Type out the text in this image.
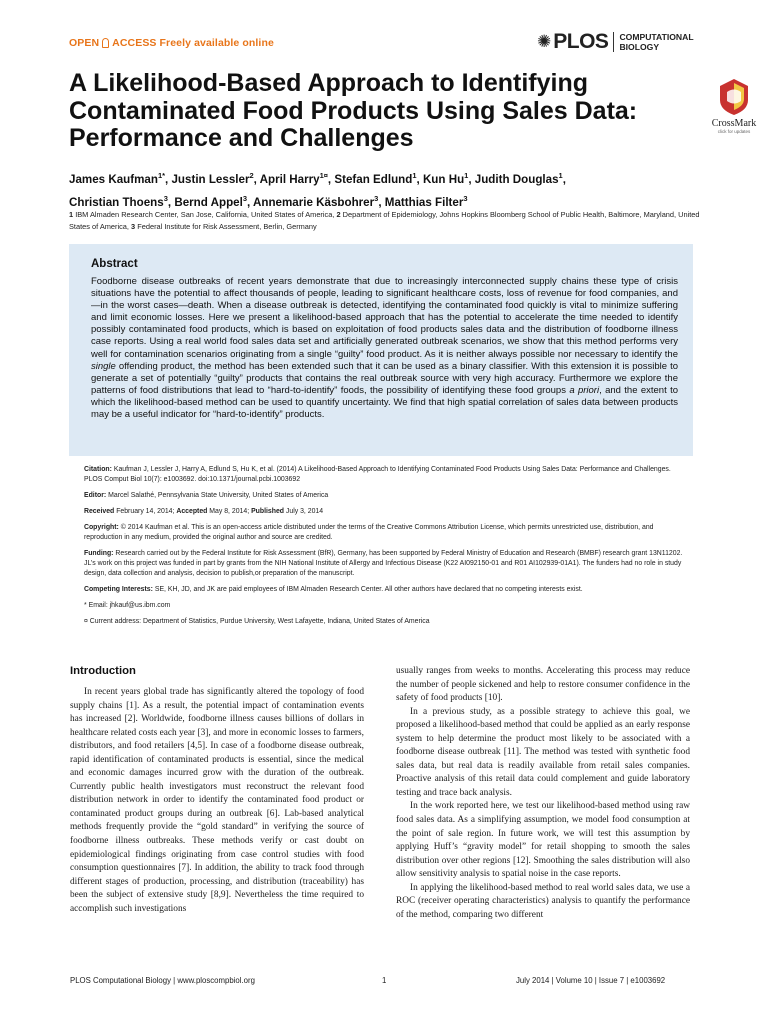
OPEN ACCESS Freely available online	✺ PLOS COMPUTATIONAL
BIOLOGY
A Likelihood-Based Approach to Identifying Contaminated Food Products Using Sales Data: Performance and Challenges
CrossMark
click for updates
James Kaufman$^{1*}$, Justin Lessler$^2$, April Harry$^{1¤}$, Stefan Edlund$^1$, Kun Hu$^1$, Judith Douglas$^1$,
Christian Thoens$^3$, Bernd Appel$^3$, Annemarie Käsbohrer$^3$, Matthias Filter$^3$
1 IBM Almaden Research Center, San Jose, California, United States of America, 2 Department of Epidemiology, Johns Hopkins Bloomberg School of Public Health, Baltimore, Maryland, United States of America, 3 Federal Institute for Risk Assessment, Berlin, Germany
Abstract

Foodborne disease outbreaks of recent years demonstrate that due to increasingly interconnected supply chains these type of crisis situations have the potential to affect thousands of people, leading to significant healthcare costs, loss of revenue for food companies, and—in the worst cases—death. When a disease outbreak is detected, identifying the contaminated food quickly is vital to minimize suffering and limit economic losses. Here we present a likelihood-based approach that has the potential to accelerate the time needed to identify possibly contaminated food products, which is based on exploitation of food products sales data and the distribution of foodborne illness case reports. Using a real world food sales data set and artificially generated outbreak scenarios, we show that this method performs very well for contamination scenarios originating from a single “guilty” food product. As it is neither always possible nor necessary to identify the single offending product, the method has been extended such that it can be used as a binary classifier. With this extension it is possible to generate a set of potentially “guilty” products that contains the real outbreak source with very high accuracy. Furthermore we explore the patterns of food distributions that lead to “hard-to-identify” foods, the possibility of identifying these food groups a priori, and the extent to which the likelihood-based method can be used to quantify uncertainty. We find that high spatial correlation of sales data between products may be a useful indicator for “hard-to-identify” products.

Citation: Kaufman J, Lessler J, Harry A, Edlund S, Hu K, et al. (2014) A Likelihood-Based Approach to Identifying Contaminated Food Products Using Sales Data: Performance and Challenges. PLOS Comput Biol 10(7): e1003692. doi:10.1371/journal.pcbi.1003692

Editor: Marcel Salathé, Pennsylvania State University, United States of America

Received February 14, 2014; Accepted May 8, 2014; Published July 3, 2014

Copyright: © 2014 Kaufman et al. This is an open-access article distributed under the terms of the Creative Commons Attribution License, which permits unrestricted use, distribution, and reproduction in any medium, provided the original author and source are credited.

Funding: Research carried out by the Federal Institute for Risk Assessment (BfR), Germany, has been supported by Federal Ministry of Education and Research (BMBF) research grant 13N11202. JL’s work on this project was funded in part by grants from the NIH National Institute of Allergy and Infectious Disease (K22 AI092150-01 and R01 AI102939-01A1). The funders had no role in study design, data collection and analysis, decision to publish,or preparation of the manuscript.

Competing Interests: SE, KH, JD, and JK are paid employees of IBM Almaden Research Center. All other authors have declared that no competing interests exist.

* Email: jhkauf@us.ibm.com

¤ Current address: Department of Statistics, Purdue University, West Lafayette, Indiana, United States of America

Introduction

In recent years global trade has significantly altered the topology of food supply chains [1]. As a result, the potential impact of contamination events has increased [2]. Worldwide, foodborne illness causes billions of dollars in healthcare related costs each year [3], and more in economic losses to farmers, distributors, and food retailers [4,5]. In case of a foodborne disease outbreak, rapid identification of contaminated products is essential, since the medical and economic damages incurred grow with the duration of the outbreak. Currently public health investigators must reconstruct the relevant food distribution network in order to identify the contaminated food product or contaminated product groups during an outbreak [6]. Lab-based analytical methods frequently provide the “gold standard” in verifying the source of foodborne illness outbreaks. These methods verify or cast doubt on epidemiological findings originating from case control studies with food consumption questionnaires [7]. In addition, the ability to track food through different stages of production, processing, and distribution (traceability) has been the subject of extensive study [8,9]. Nevertheless the time required to accomplish such investigations

usually ranges from weeks to months. Accelerating this process may reduce the number of people sickened and help to restore consumer confidence in the safety of food products [10].

In a previous study, as a possible strategy to achieve this goal, we proposed a likelihood-based method that could be applied as an early response system to help determine the product most likely to be associated with a foodborne disease outbreak [11]. The method was tested with synthetic food sales data, but real data is readily available from retail sales companies. Proactive analysis of this retail data could complement and guide laboratory testing and trace back analysis.

In the work reported here, we test our likelihood-based method using raw food sales data. As a simplifying assumption, we model food consumption at the point of sale region. In future work, we will test this assumption by applying Huff’s “gravity model” for retail shopping to smooth the sales distribution over other regions [12]. Smoothing the sales distribution will also allow sensitivity analysis to spatial noise in the case reports.

In applying the likelihood-based method to real world sales data, we use a ROC (receiver operating characteristics) analysis to quantify the performance of the method, comparing two different

PLOS Computational Biology | www.ploscompbiol.org	1	July 2014 | Volume 10 | Issue 7 | e1003692
